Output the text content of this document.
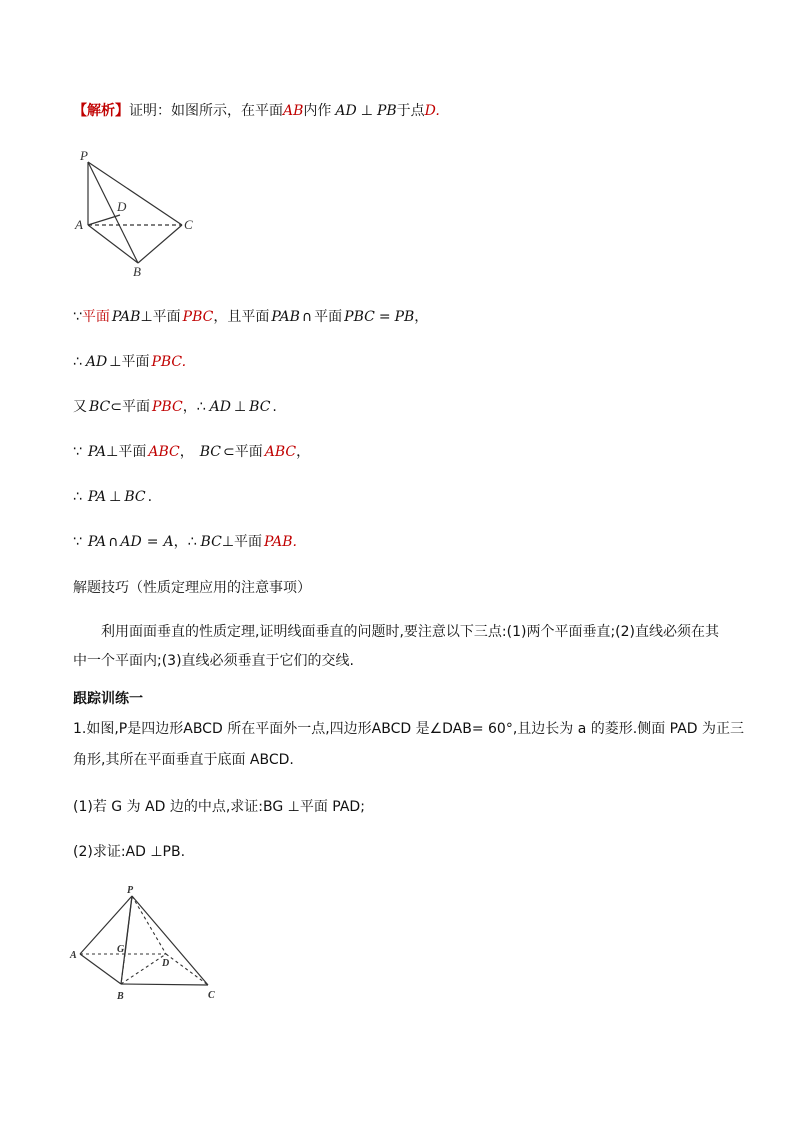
【解析】证明：如图所示，在平面AB内作 AD ⊥ PB于点D.
P
A
B
C
D
∵平面 PAB⊥平面 PBC，且平面 PAB ∩ 平面 PBC = PB，
∴ AD ⊥平面 PBC.
又 BC⊂平面 PBC，∴ AD ⊥ BC .
∵ PA⊥平面 ABC， BC ⊂平面 ABC，
∴ PA ⊥ BC .
∵ PA ∩ AD = A，∴ BC⊥平面 PAB.
解题技巧（性质定理应用的注意事项）
利用面面垂直的性质定理,证明线面垂直的问题时,要注意以下三点:(1)两个平面垂直;(2)直线必须在其中一个平面内;(3)直线必须垂直于它们的交线.
跟踪训练一
1.如图,P是四边形ABCD 所在平面外一点,四边形ABCD 是∠DAB= 60°,且边长为 a 的菱形.侧面 PAD 为正三
角形,其所在平面垂直于底面 ABCD.
(1)若 G 为 AD 边的中点,求证:BG ⊥平面 PAD;
(2)求证:AD ⊥PB.
P
A
B	C
D
G
